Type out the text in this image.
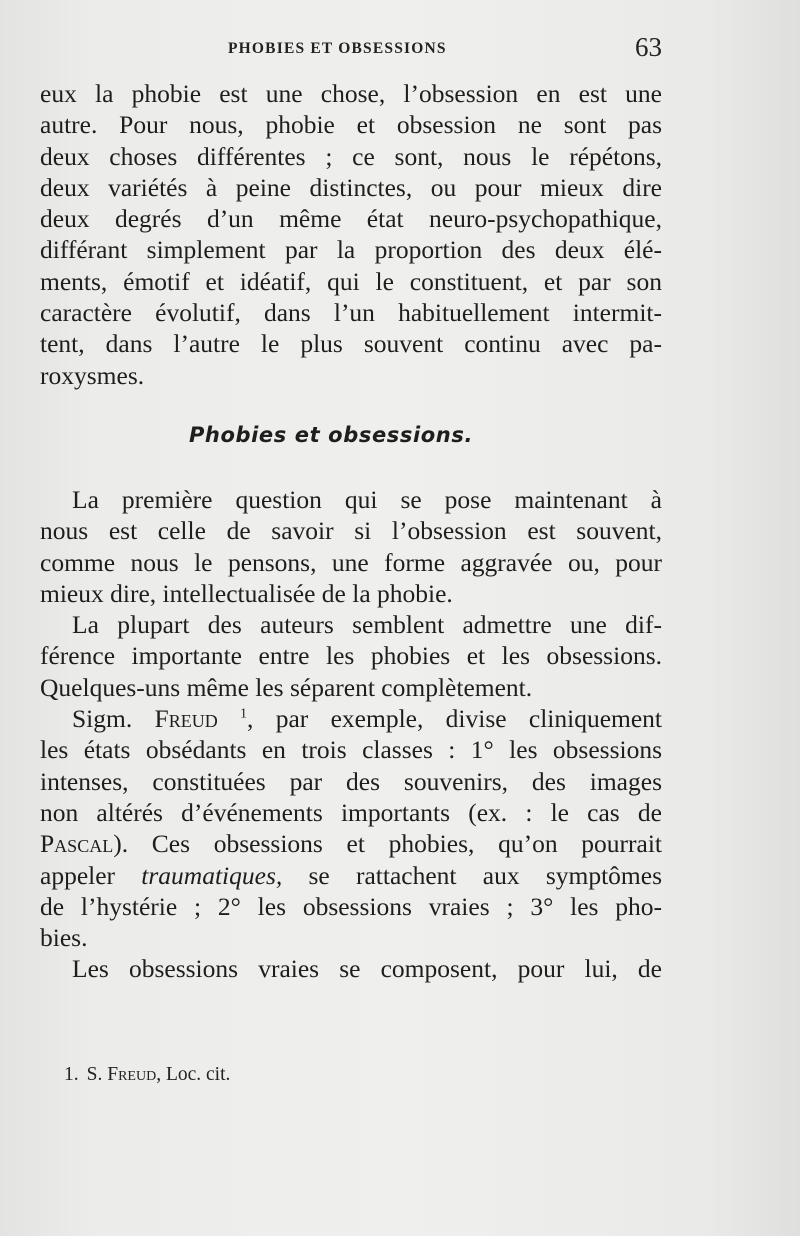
PHOBIES ET OBSESSIONS	63
eux la phobie est une chose, l’obsession en est une
autre. Pour nous, phobie et obsession ne sont pas
deux choses différentes ; ce sont, nous le répétons,
deux variétés à peine distinctes, ou pour mieux dire
deux degrés d’un même état neuro-psychopathique,
différant simplement par la proportion des deux élé-
ments, émotif et idéatif, qui le constituent, et par son
caractère évolutif, dans l’un habituellement intermit-
tent, dans l’autre le plus souvent continu avec pa-
roxysmes.
Phobies et obsessions.
La première question qui se pose maintenant à
nous est celle de savoir si l’obsession est souvent,
comme nous le pensons, une forme aggravée ou, pour
mieux dire, intellectualisée de la phobie.
La plupart des auteurs semblent admettre une dif-
férence importante entre les phobies et les obsessions.
Quelques-uns même les séparent complètement.
Sigm. Freud $^1$, par exemple, divise cliniquement
les états obsédants en trois classes : 1° les obsessions
intenses, constituées par des souvenirs, des images
non altérés d’événements importants (ex. : le cas de
Pascal). Ces obsessions et phobies, qu’on pourrait
appeler traumatiques, se rattachent aux symptômes
de l’hystérie ; 2° les obsessions vraies ; 3° les pho-
bies.
Les obsessions vraies se composent, pour lui, de
1. S. Freud, Loc. cit.
